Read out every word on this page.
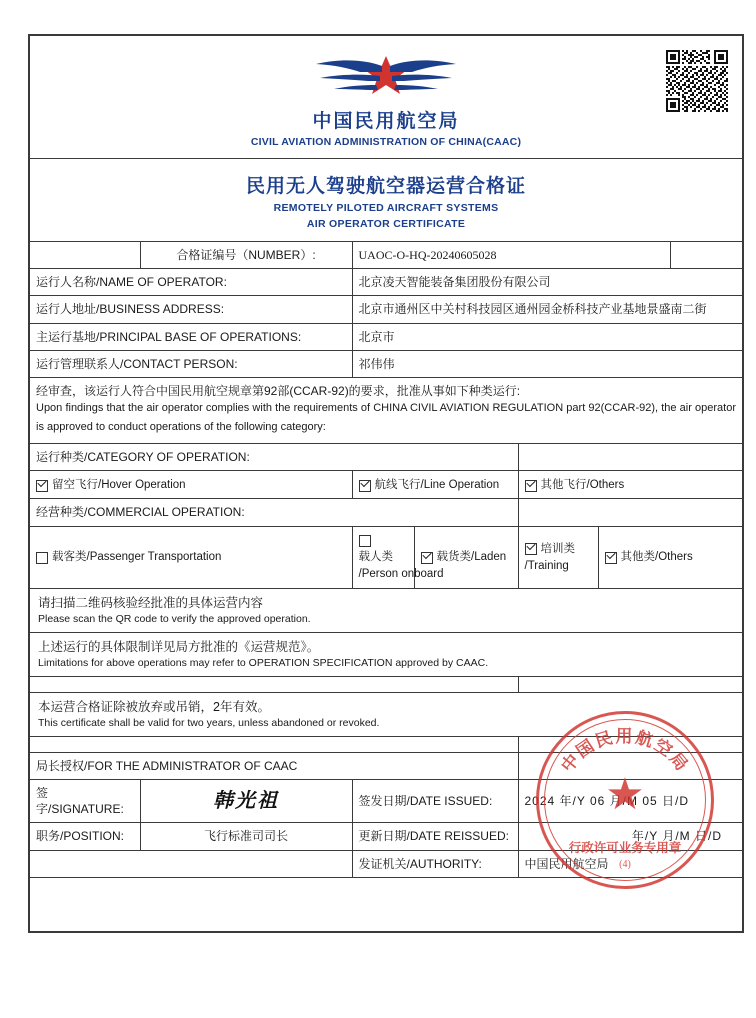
中国民用航空局
CIVIL AVIATION ADMINISTRATION OF CHINA(CAAC)
民用无人驾驶航空器运营合格证
REMOTELY PILOTED AIRCRAFT SYSTEMS
AIR OPERATOR CERTIFICATE
	合格证编号（NUMBER）:	UAOC-O-HQ-20240605028				
运行人名称/NAME OF OPERATOR:		北京凌天智能装备集团股份有限公司				
运行人地址/BUSINESS ADDRESS:		北京市通州区中关村科技园区通州园金桥科技产业基地景盛南二街				
主运行基地/PRINCIPAL BASE OF OPERATIONS:		北京市				
运行管理联系人/CONTACT PERSON:		祁伟伟				

经审查，该运行人符合中国民用航空规章第92部(CCAR-92)的要求，批准从事如下种类运行:
Upon findings that the air operator complies with the requirements of CHINA CIVIL AVIATION REGULATION part 92(CCAR-92), the air operator is approved to conduct operations of the following category:						

运行种类/CATEGORY OF OPERATION:						
留空飞行/Hover Operation		航线飞行/Line Operation		其他飞行/Others		
经营种类/COMMERCIAL OPERATION:						
载客类/Passenger Transportation		载人类/Person onboard	载货类/Laden	培训类/Training	其他类/Others	

请扫描二维码核验经批准的具体运营内容
Please scan the QR code to verify the approved operation.						

上述运行的具体限制详见局方批准的《运营规范》。
Limitations for above operations may refer to OPERATION SPECIFICATION approved by CAAC.						

本运营合格证除被放弃或吊销，2年有效。
This certificate shall be valid for two years, unless abandoned or revoked.						

局长授权/FOR THE ADMINISTRATOR OF CAAC						
签字/SIGNATURE:	韩光祖	签发日期/DATE ISSUED:		2024 年/Y 06 月/M 05 日/D		
职务/POSITION:	飞行标准司司长	更新日期/DATE REISSUED:		年/Y 月/M 日/D		
		发证机关/AUTHORITY:		中国民用航空局		

中国民用航空局
★
行政许可业务专用章
(4)
